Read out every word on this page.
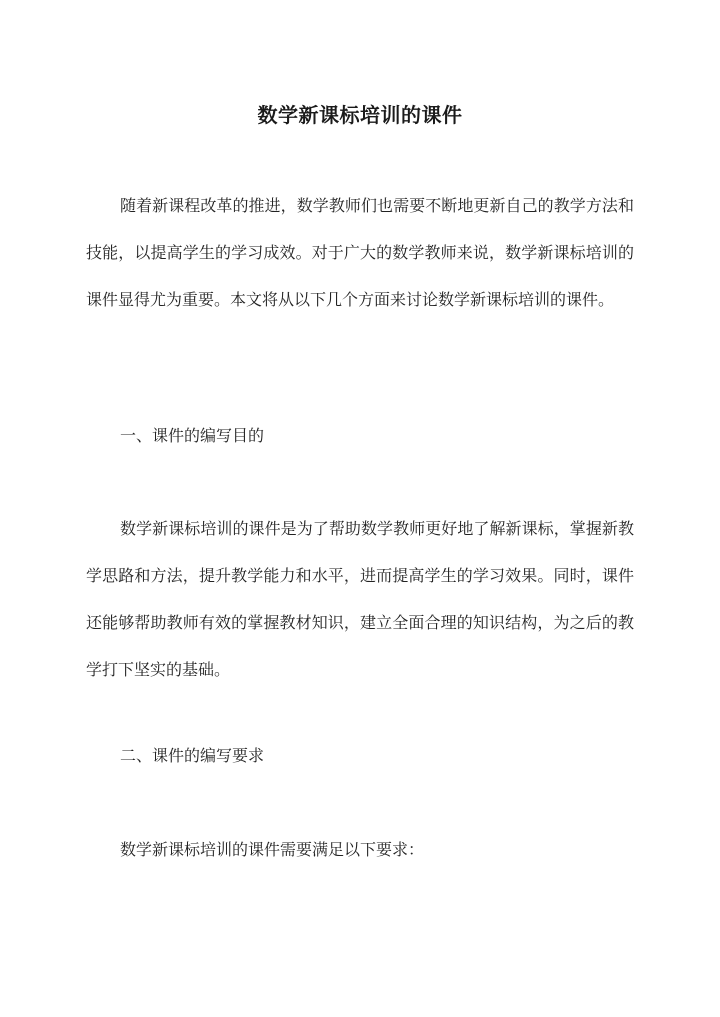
数学新课标培训的课件

随着新课程改革的推进，数学教师们也需要不断地更新自己的教学方法和技能，以提高学生的学习成效。对于广大的数学教师来说，数学新课标培训的课件显得尤为重要。本文将从以下几个方面来讨论数学新课标培训的课件。

一、课件的编写目的

数学新课标培训的课件是为了帮助数学教师更好地了解新课标，掌握新教学思路和方法，提升教学能力和水平，进而提高学生的学习效果。同时，课件还能够帮助教师有效的掌握教材知识，建立全面合理的知识结构，为之后的教学打下坚实的基础。

二、课件的编写要求

数学新课标培训的课件需要满足以下要求：
